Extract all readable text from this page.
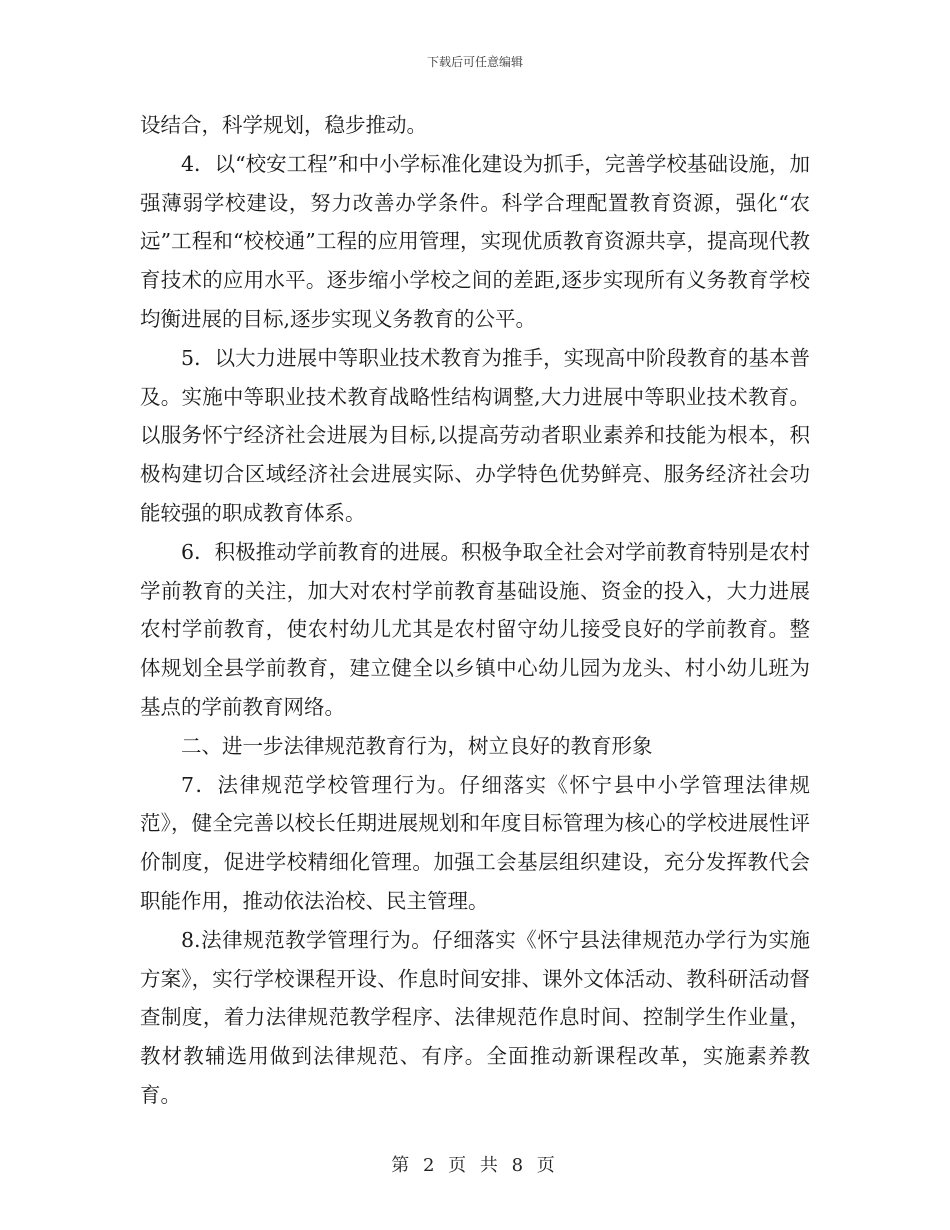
下载后可任意编辑

设结合，科学规划，稳步推动。

4．以“校安工程”和中小学标准化建设为抓手，完善学校基础设施，加强薄弱学校建设，努力改善办学条件。科学合理配置教育资源，强化“农远”工程和“校校通”工程的应用管理，实现优质教育资源共享，提高现代教育技术的应用水平。逐步缩小学校之间的差距,逐步实现所有义务教育学校均衡进展的目标,逐步实现义务教育的公平。

5．以大力进展中等职业技术教育为推手，实现高中阶段教育的基本普及。实施中等职业技术教育战略性结构调整,大力进展中等职业技术教育。以服务怀宁经济社会进展为目标,以提高劳动者职业素养和技能为根本，积极构建切合区域经济社会进展实际、办学特色优势鲜亮、服务经济社会功能较强的职成教育体系。

6．积极推动学前教育的进展。积极争取全社会对学前教育特别是农村学前教育的关注，加大对农村学前教育基础设施、资金的投入，大力进展农村学前教育，使农村幼儿尤其是农村留守幼儿接受良好的学前教育。整体规划全县学前教育，建立健全以乡镇中心幼儿园为龙头、村小幼儿班为基点的学前教育网络。

二、进一步法律规范教育行为，树立良好的教育形象

7．法律规范学校管理行为。仔细落实《怀宁县中小学管理法律规范》，健全完善以校长任期进展规划和年度目标管理为核心的学校进展性评价制度，促进学校精细化管理。加强工会基层组织建设，充分发挥教代会职能作用，推动依法治校、民主管理。

8.法律规范教学管理行为。仔细落实《怀宁县法律规范办学行为实施方案》，实行学校课程开设、作息时间安排、课外文体活动、教科研活动督查制度，着力法律规范教学程序、法律规范作息时间、控制学生作业量，教材教辅选用做到法律规范、有序。全面推动新课程改革，实施素养教育。

第 2 页 共 8 页
